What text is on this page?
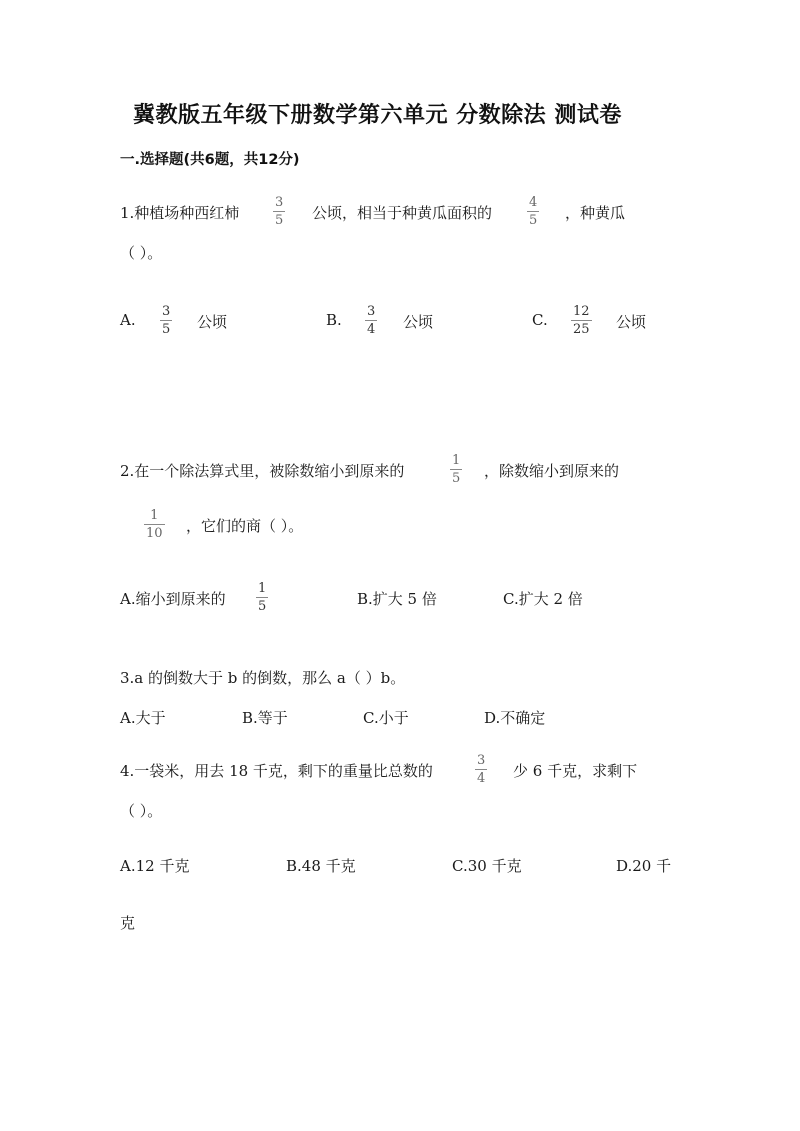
冀教版五年级下册数学第六单元 分数除法 测试卷
一.选择题(共6题，共12分)
1.种植场种西红柿
3
5 公顷，相当于种黄瓜面积的
4
5 ，种黄瓜
（ ）。
A. 3
5 公顷	B. 3
4 公顷	C. 12
25 公顷
2.在一个除法算式里，被除数缩小到原来的
1
5 ，除数缩小到原来的
1
10 ，它们的商（ ）。
A.缩小到原来的
1
5	B.扩大 5 倍	C.扩大 2 倍
3.a 的倒数大于 b 的倒数，那么 a（ ）b。
A.大于	B.等于	C.小于	D.不确定
4.一袋米，用去 18 千克，剩下的重量比总数的
3
4 少 6 千克，求剩下
（ ）。
A.12 千克	B.48 千克	C.30 千克	D.20 千
克
